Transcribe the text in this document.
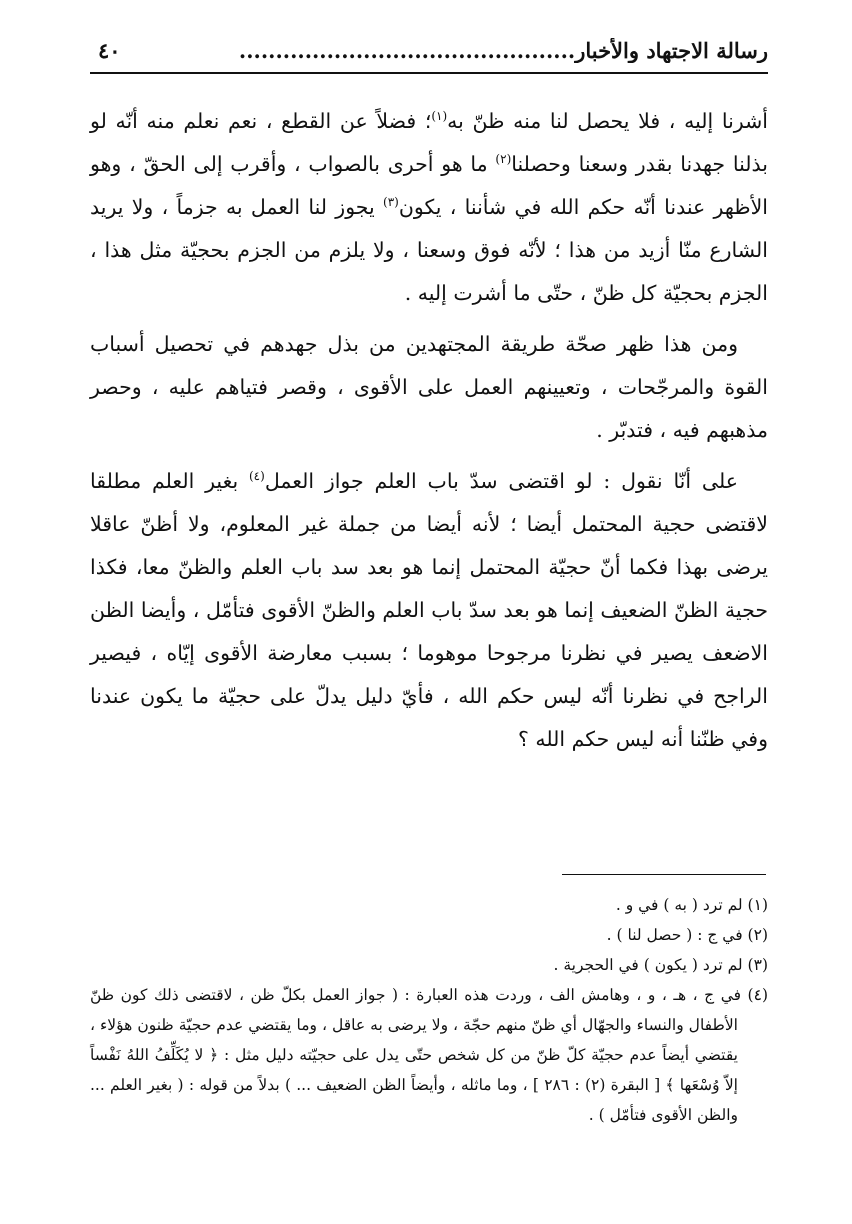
رسالة الاجتهاد والأخبار..............................................
٤٠

أشرنا إليه ، فلا يحصل لنا منه ظنّ به$^{(١)}$؛ فضلاً عن القطع ، نعم نعلم منه أنّه لو بذلنا جهدنا بقدر وسعنا وحصلنا$^{(٢)}$ ما هو أحرى بالصواب ، وأقرب إلى الحقّ ، وهو الأظهر عندنا أنّه حكم الله في شأننا ، يكون$^{(٣)}$ يجوز لنا العمل به جزماً ، ولا يريد الشارع منّا أزيد من هذا ؛ لأنّه فوق وسعنا ، ولا يلزم من الجزم بحجيّة مثل هذا ، الجزم بحجيّة كل ظنّ ، حتّى ما أشرت إليه .

ومن هذا ظهر صحّة طريقة المجتهدين من بذل جهدهم في تحصيل أسباب القوة والمرجّحات ، وتعيينهم العمل على الأقوى ، وقصر فتياهم عليه ، وحصر مذهبهم فيه ، فتدبّر .

على أنّا نقول : لو اقتضى سدّ باب العلم جواز العمل$^{(٤)}$ بغير العلم مطلقا لاقتضى حجية المحتمل أيضا ؛ لأنه أيضا من جملة غير المعلوم، ولا أظنّ عاقلا يرضى بهذا فكما أنّ حجيّة المحتمل إنما هو بعد سد باب العلم والظنّ معا، فكذا حجية الظنّ الضعيف إنما هو بعد سدّ باب العلم والظنّ الأقوى فتأمّل ، وأيضا الظن الاضعف يصير في نظرنا مرجوحا موهوما ؛ بسبب معارضة الأقوى إيّاه ، فيصير الراجح في نظرنا أنّه ليس حكم الله ، فأيّ دليل يدلّ على حجيّة ما يكون عندنا وفي ظنّنا أنه ليس حكم الله ؟

(١) لم ترد ( به ) في و .

(٢) في ج : ( حصل لنا ) .

(٣) لم ترد ( يكون ) في الحجرية .

(٤) في ج ، هـ ، و ، وهامش الف ، وردت هذه العبارة : ( جواز العمل بكلّ ظن ، لاقتضى ذلك كون ظنّ الأطفال والنساء والجهّال أي ظنّ منهم حجّة ، ولا يرضى به عاقل ، وما يقتضي عدم حجيّة ظنون هؤلاء ، يقتضي أيضاً عدم حجيّة كلّ ظنّ من كل شخص حتّى يدل على حجيّته دليل مثل : ﴿ لا يُكَلِّفُ اللهُ نَفْساً إلاّ وُسْعَها ﴾ [ البقرة (٢) : ٢٨٦ ] ، وما ماثله ، وأيضاً الظن الضعيف ... ) بدلاً من قوله : ( بغير العلم ... والظن الأقوى فتأمّل ) .
